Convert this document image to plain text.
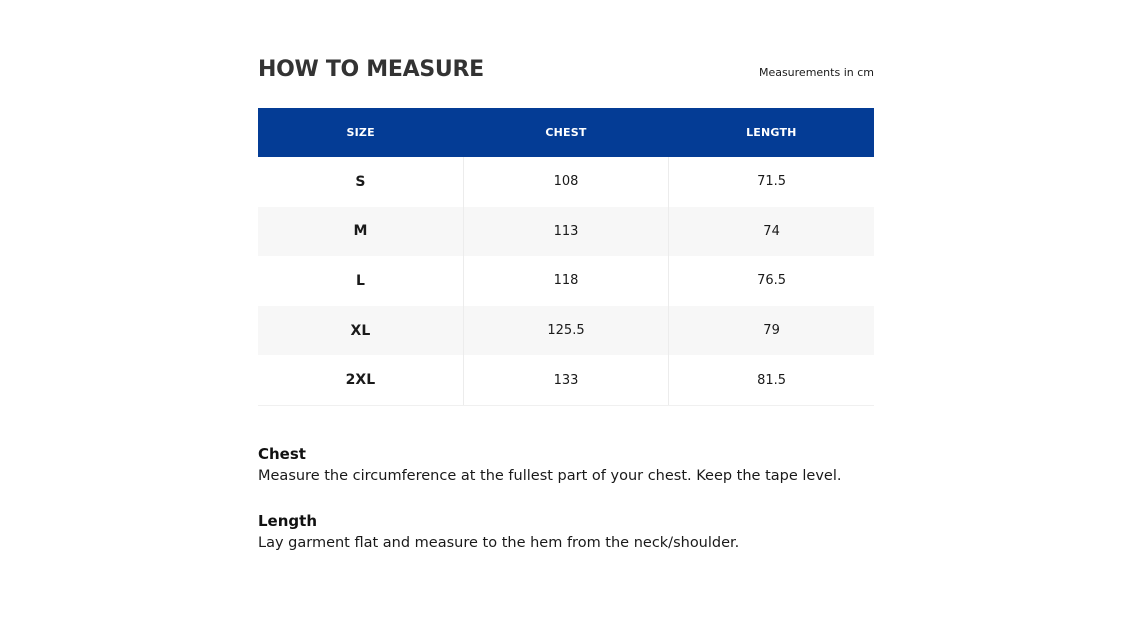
HOW TO MEASURE	Measurements in cm
SIZE	CHEST	LENGTH
S	108	71.5
M	113	74
L	118	76.5
XL	125.5	79
2XL	133	81.5
Chest
Measure the circumference at the fullest part of your chest. Keep the tape level.
Length
Lay garment flat and measure to the hem from the neck/shoulder.
